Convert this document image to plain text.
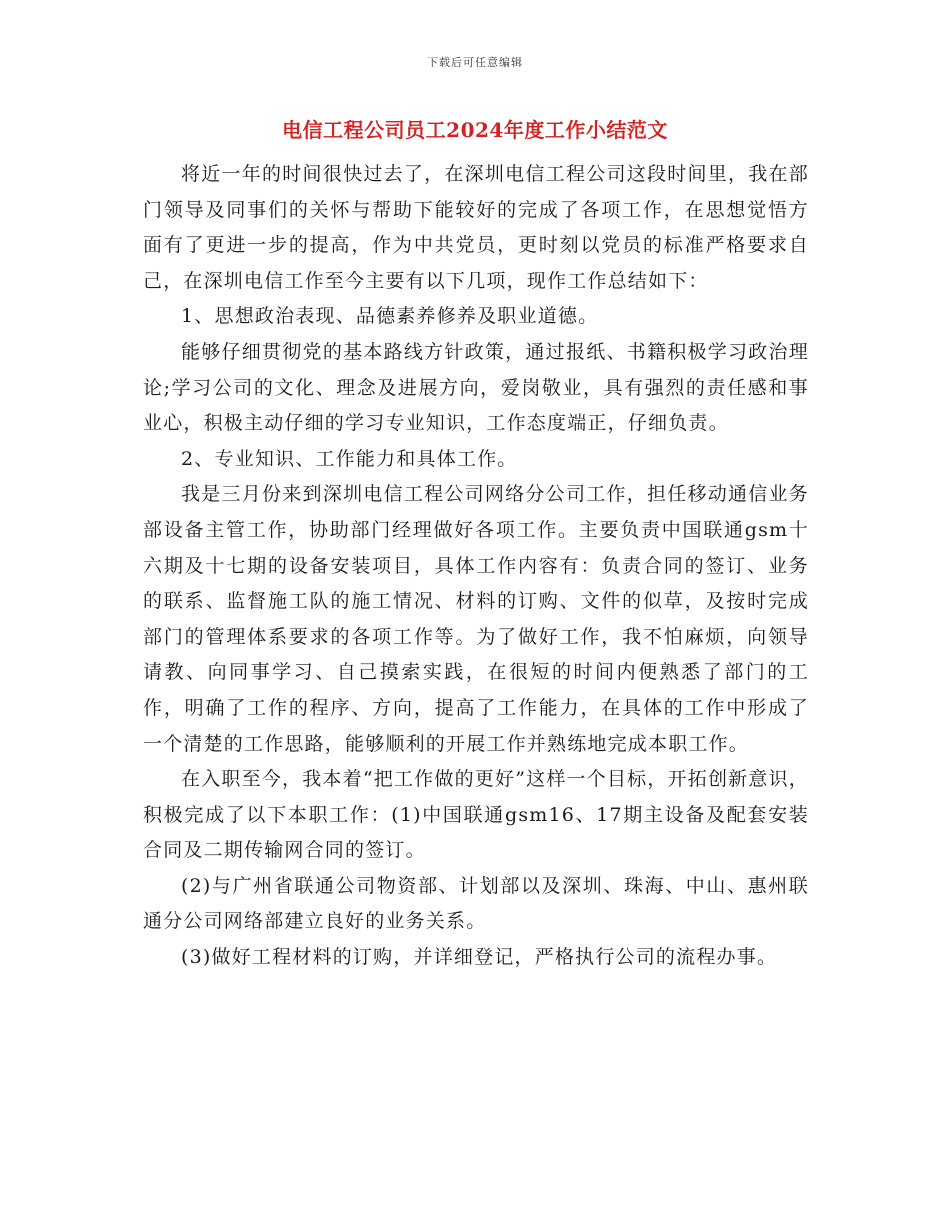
下载后可任意编辑
电信工程公司员工2024年度工作小结范文

将近一年的时间很快过去了，在深圳电信工程公司这段时间里，我在部门领导及同事们的关怀与帮助下能较好的完成了各项工作，在思想觉悟方面有了更进一步的提高，作为中共党员，更时刻以党员的标准严格要求自己，在深圳电信工作至今主要有以下几项，现作工作总结如下：

1、思想政治表现、品德素养修养及职业道德。

能够仔细贯彻党的基本路线方针政策，通过报纸、书籍积极学习政治理论;学习公司的文化、理念及进展方向，爱岗敬业，具有强烈的责任感和事业心，积极主动仔细的学习专业知识，工作态度端正，仔细负责。

2、专业知识、工作能力和具体工作。

我是三月份来到深圳电信工程公司网络分公司工作，担任移动通信业务部设备主管工作，协助部门经理做好各项工作。主要负责中国联通gsm十六期及十七期的设备安装项目，具体工作内容有：负责合同的签订、业务的联系、监督施工队的施工情况、材料的订购、文件的似草，及按时完成部门的管理体系要求的各项工作等。为了做好工作，我不怕麻烦，向领导请教、向同事学习、自己摸索实践，在很短的时间内便熟悉了部门的工作，明确了工作的程序、方向，提高了工作能力，在具体的工作中形成了一个清楚的工作思路，能够顺利的开展工作并熟练地完成本职工作。

在入职至今，我本着“把工作做的更好”这样一个目标，开拓创新意识，积极完成了以下本职工作：(1)中国联通gsm16、17期主设备及配套安装合同及二期传输网合同的签订。

(2)与广州省联通公司物资部、计划部以及深圳、珠海、中山、惠州联通分公司网络部建立良好的业务关系。

(3)做好工程材料的订购，并详细登记，严格执行公司的流程办事。
